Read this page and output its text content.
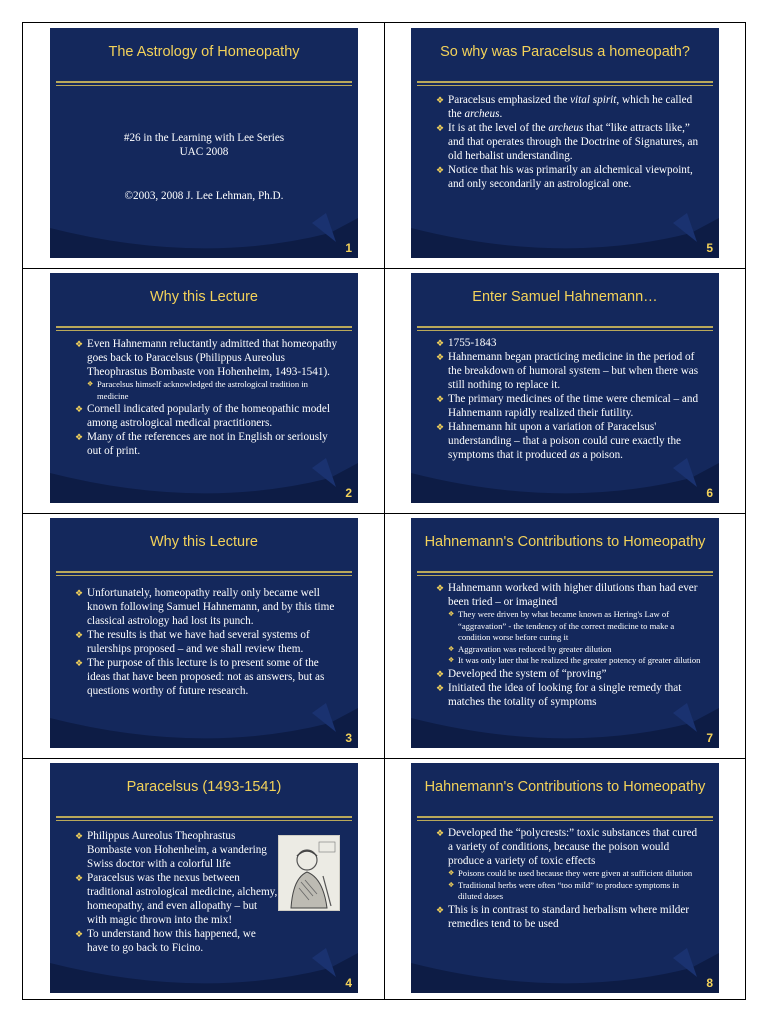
The Astrology of Homeopathy
#26 in the Learning with Lee Series
UAC 2008
©2003, 2008 J. Lee Lehman, Ph.D.
1
Why this Lecture

❖ Even Hahnemann reluctantly admitted that homeopathy goes back to Paracelsus (Philippus Aureolus Theophrastus Bombaste von Hohenheim, 1493-1541).

❖ Paracelsus himself acknowledged the astrological tradition in medicine

❖ Cornell indicated popularly of the homeopathic model among astrological medical practitioners.

❖ Many of the references are not in English or seriously out of print.

2
Why this Lecture

❖ Unfortunately, homeopathy really only became well known following Samuel Hahnemann, and by this time classical astrology had lost its punch.

❖ The results is that we have had several systems of rulerships proposed – and we shall review them.

❖ The purpose of this lecture is to present some of the ideas that have been proposed: not as answers, but as questions worthy of future research.

3
Paracelsus (1493-1541)

❖ Philippus Aureolus Theophrastus Bombaste von Hohenheim, a wandering Swiss doctor with a colorful life

❖ Paracelsus was the nexus between traditional astrological medicine, alchemy, homeopathy, and even allopathy – but with magic thrown into the mix!

❖ To understand how this happened, we have to go back to Ficino.

4
So why was Paracelsus a homeopath?

❖ Paracelsus emphasized the vital spirit, which he called the archeus.

❖ It is at the level of the archeus that “like attracts like,” and that operates through the Doctrine of Signatures, an old herbalist understanding.

❖ Notice that his was primarily an alchemical viewpoint, and only secondarily an astrological one.

5
Enter Samuel Hahnemann…

❖ 1755-1843

❖ Hahnemann began practicing medicine in the period of the breakdown of humoral system – but when there was still nothing to replace it.

❖ The primary medicines of the time were chemical – and Hahnemann rapidly realized their futility.

❖ Hahnemann hit upon a variation of Paracelsus' understanding – that a poison could cure exactly the symptoms that it produced as a poison.

6
Hahnemann's Contributions to Homeopathy

❖ Hahnemann worked with higher dilutions than had ever been tried – or imagined

❖ They were driven by what became known as Hering's Law of “aggravation” - the tendency of the correct medicine to make a condition worse before curing it

❖ Aggravation was reduced by greater dilution

❖ It was only later that he realized the greater potency of greater dilution

❖ Developed the system of “proving”

❖ Initiated the idea of looking for a single remedy that matches the totality of symptoms

7
Hahnemann's Contributions to Homeopathy

❖ Developed the “polycrests:” toxic substances that cured a variety of conditions, because the poison would produce a variety of toxic effects

❖ Poisons could be used because they were given at sufficient dilution

❖ Traditional herbs were often “too mild” to produce symptoms in diluted doses

❖ This is in contrast to standard herbalism where milder remedies tend to be used

8
